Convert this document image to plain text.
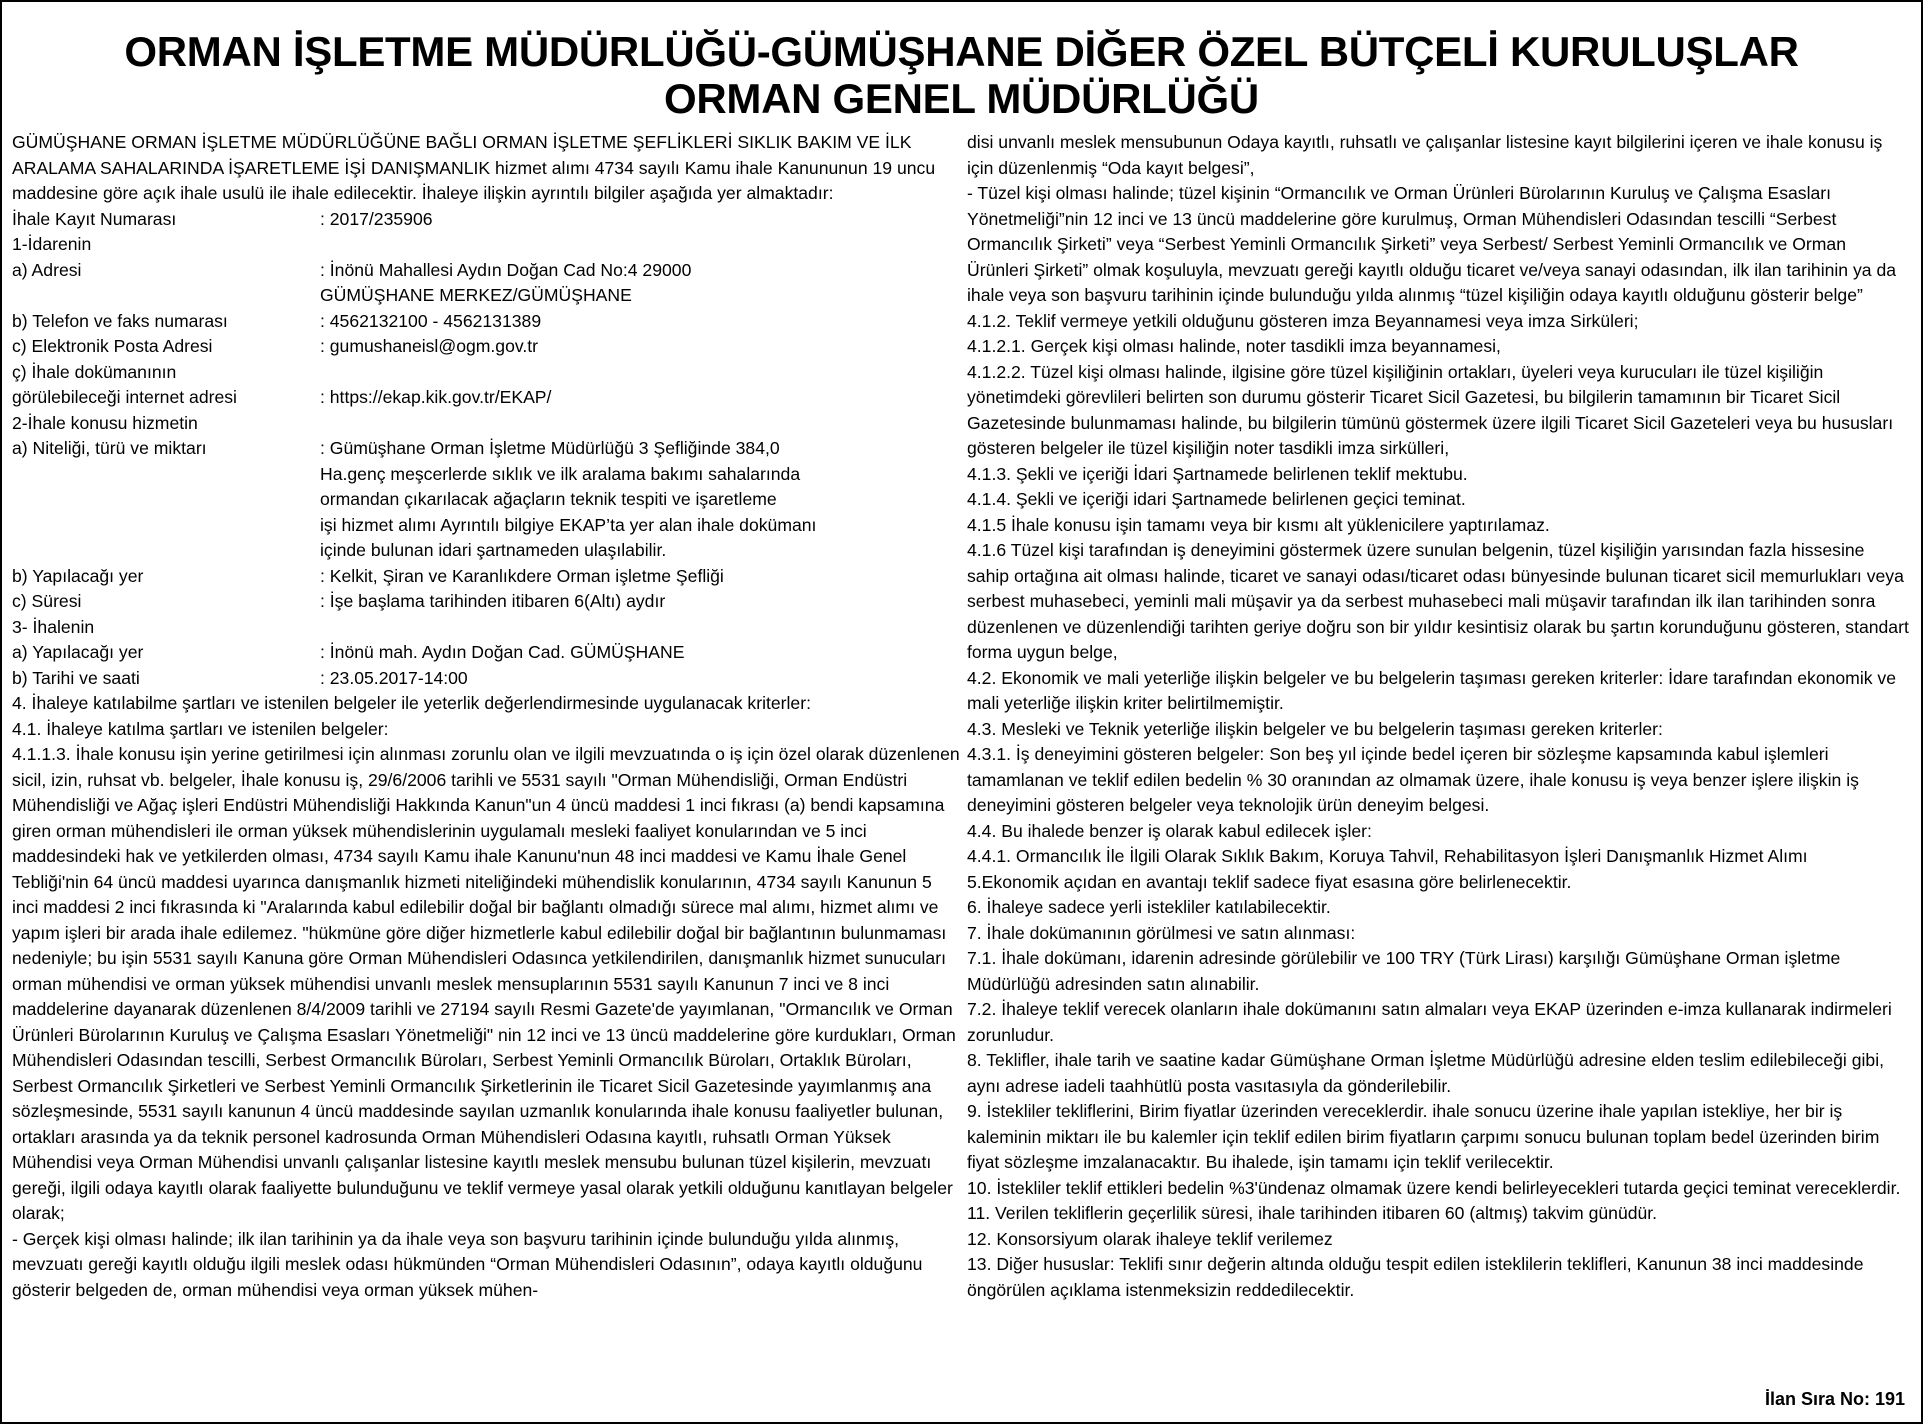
ORMAN İŞLETME MÜDÜRLÜĞÜ-GÜMÜŞHANE DİĞER ÖZEL BÜTÇELİ KURULUŞLAR
ORMAN GENEL MÜDÜRLÜĞÜ

GÜMÜŞHANE ORMAN İŞLETME MÜDÜRLÜĞÜNE BAĞLI ORMAN İŞLETME ŞEFLİKLERİ SIKLIK BAKIM VE İLK ARALAMA SAHALARINDA İŞARETLEME İŞİ DANIŞMANLIK hizmet alımı 4734 sayılı Kamu ihale Kanununun 19 uncu maddesine göre açık ihale usulü ile ihale edilecektir. İhaleye ilişkin ayrıntılı bilgiler aşağıda yer almaktadır:

İhale Kayıt Numarası	: 2017/235906
1-İdarenin
a) Adresi	: İnönü Mahallesi Aydın Doğan Cad No:4 29000
GÜMÜŞHANE MERKEZ/GÜMÜŞHANE
b) Telefon ve faks numarası	: 4562132100 - 4562131389
c) Elektronik Posta Adresi	: gumushaneisl@ogm.gov.tr
ç) İhale dokümanının
görülebileceği internet adresi	: https://ekap.kik.gov.tr/EKAP/
2-İhale konusu hizmetin
a) Niteliği, türü ve miktarı	: Gümüşhane Orman İşletme Müdürlüğü 3 Şefliğinde 384,0
Ha.genç meşcerlerde sıklık ve ilk aralama bakımı sahalarında
ormandan çıkarılacak ağaçların teknik tespiti ve işaretleme
işi hizmet alımı Ayrıntılı bilgiye EKAP’ta yer alan ihale dokümanı
içinde bulunan idari şartnameden ulaşılabilir.
b) Yapılacağı yer	: Kelkit, Şiran ve Karanlıkdere Orman işletme Şefliği
c) Süresi	: İşe başlama tarihinden itibaren 6(Altı) aydır
3- İhalenin
a) Yapılacağı yer	: İnönü mah. Aydın Doğan Cad. GÜMÜŞHANE
b) Tarihi ve saati	: 23.05.2017-14:00

4. İhaleye katılabilme şartları ve istenilen belgeler ile yeterlik değerlendirmesinde uygulanacak kriterler:

4.1. İhaleye katılma şartları ve istenilen belgeler:

4.1.1.3. İhale konusu işin yerine getirilmesi için alınması zorunlu olan ve ilgili mevzuatında o iş için özel olarak düzenlenen sicil, izin, ruhsat vb. belgeler, İhale konusu iş, 29/6/2006 tarihli ve 5531 sayılı "Orman Mühendisliği, Orman Endüstri Mühendisliği ve Ağaç işleri Endüstri Mühendisliği Hakkında Kanun"un 4 üncü maddesi 1 inci fıkrası (a) bendi kapsamına giren orman mühendisleri ile orman yüksek mühendislerinin uygulamalı mesleki faaliyet konularından ve 5 inci maddesindeki hak ve yetkilerden olması, 4734 sayılı Kamu ihale Kanunu'nun 48 inci maddesi ve Kamu İhale Genel Tebliği'nin 64 üncü maddesi uyarınca danışmanlık hizmeti niteliğindeki mühendislik konularının, 4734 sayılı Kanunun 5 inci maddesi 2 inci fıkrasında ki "Aralarında kabul edilebilir doğal bir bağlantı olmadığı sürece mal alımı, hizmet alımı ve yapım işleri bir arada ihale edilemez. "hükmüne göre diğer hizmetlerle kabul edilebilir doğal bir bağlantının bulunmaması nedeniyle; bu işin 5531 sayılı Kanuna göre Orman Mühendisleri Odasınca yetkilendirilen, danışmanlık hizmet sunucuları orman mühendisi ve orman yüksek mühendisi unvanlı meslek mensuplarının 5531 sayılı Kanunun 7 inci ve 8 inci maddelerine dayanarak düzenlenen 8/4/2009 tarihli ve 27194 sayılı Resmi Gazete'de yayımlanan, "Ormancılık ve Orman Ürünleri Bürolarının Kuruluş ve Çalışma Esasları Yönetmeliği" nin 12 inci ve 13 üncü maddelerine göre kurdukları, Orman Mühendisleri Odasından tescilli, Serbest Ormancılık Büroları, Serbest Yeminli Ormancılık Büroları, Ortaklık Büroları, Serbest Ormancılık Şirketleri ve Serbest Yeminli Ormancılık Şirketlerinin ile Ticaret Sicil Gazetesinde yayımlanmış ana sözleşmesinde, 5531 sayılı kanunun 4 üncü maddesinde sayılan uzmanlık konularında ihale konusu faaliyetler bulunan, ortakları arasında ya da teknik personel kadrosunda Orman Mühendisleri Odasına kayıtlı, ruhsatlı Orman Yüksek Mühendisi veya Orman Mühendisi unvanlı çalışanlar listesine kayıtlı meslek mensubu bulunan tüzel kişilerin, mevzuatı gereği, ilgili odaya kayıtlı olarak faaliyette bulunduğunu ve teklif vermeye yasal olarak yetkili olduğunu kanıtlayan belgeler olarak;

- Gerçek kişi olması halinde; ilk ilan tarihinin ya da ihale veya son başvuru tarihinin içinde bulunduğu yılda alınmış, mevzuatı gereği kayıtlı olduğu ilgili meslek odası hükmünden “Orman Mühendisleri Odasının”, odaya kayıtlı olduğunu gösterir belgeden de, orman mühendisi veya orman yüksek mühen-

disi unvanlı meslek mensubunun Odaya kayıtlı, ruhsatlı ve çalışanlar listesine kayıt bilgilerini içeren ve ihale konusu iş için düzenlenmiş “Oda kayıt belgesi”,

- Tüzel kişi olması halinde; tüzel kişinin “Ormancılık ve Orman Ürünleri Bürolarının Kuruluş ve Çalışma Esasları Yönetmeliği”nin 12 inci ve 13 üncü maddelerine göre kurulmuş, Orman Mühendisleri Odasından tescilli “Serbest Ormancılık Şirketi” veya “Serbest Yeminli Ormancılık Şirketi” veya Serbest/ Serbest Yeminli Ormancılık ve Orman Ürünleri Şirketi” olmak koşuluyla, mevzuatı gereği kayıtlı olduğu ticaret ve/veya sanayi odasından, ilk ilan tarihinin ya da ihale veya son başvuru tarihinin içinde bulunduğu yılda alınmış “tüzel kişiliğin odaya kayıtlı olduğunu gösterir belge”

4.1.2. Teklif vermeye yetkili olduğunu gösteren imza Beyannamesi veya imza Sirküleri;

4.1.2.1. Gerçek kişi olması halinde, noter tasdikli imza beyannamesi,

4.1.2.2. Tüzel kişi olması halinde, ilgisine göre tüzel kişiliğinin ortakları, üyeleri veya kurucuları ile tüzel kişiliğin yönetimdeki görevlileri belirten son durumu gösterir Ticaret Sicil Gazetesi, bu bilgilerin tamamının bir Ticaret Sicil Gazetesinde bulunmaması halinde, bu bilgilerin tümünü göstermek üzere ilgili Ticaret Sicil Gazeteleri veya bu hususları gösteren belgeler ile tüzel kişiliğin noter tasdikli imza sirkülleri,

4.1.3. Şekli ve içeriği İdari Şartnamede belirlenen teklif mektubu.

4.1.4. Şekli ve içeriği idari Şartnamede belirlenen geçici teminat.

4.1.5 İhale konusu işin tamamı veya bir kısmı alt yüklenicilere yaptırılamaz.

4.1.6 Tüzel kişi tarafından iş deneyimini göstermek üzere sunulan belgenin, tüzel kişiliğin yarısından fazla hissesine sahip ortağına ait olması halinde, ticaret ve sanayi odası/ticaret odası bünyesinde bulunan ticaret sicil memurlukları veya serbest muhasebeci, yeminli mali müşavir ya da serbest muhasebeci mali müşavir tarafından ilk ilan tarihinden sonra düzenlenen ve düzenlendiği tarihten geriye doğru son bir yıldır kesintisiz olarak bu şartın korunduğunu gösteren, standart forma uygun belge,

4.2. Ekonomik ve mali yeterliğe ilişkin belgeler ve bu belgelerin taşıması gereken kriterler: İdare tarafından ekonomik ve mali yeterliğe ilişkin kriter belirtilmemiştir.

4.3. Mesleki ve Teknik yeterliğe ilişkin belgeler ve bu belgelerin taşıması gereken kriterler:

4.3.1. İş deneyimini gösteren belgeler: Son beş yıl içinde bedel içeren bir sözleşme kapsamında kabul işlemleri tamamlanan ve teklif edilen bedelin % 30 oranından az olmamak üzere, ihale konusu iş veya benzer işlere ilişkin iş deneyimini gösteren belgeler veya teknolojik ürün deneyim belgesi.

4.4. Bu ihalede benzer iş olarak kabul edilecek işler:

4.4.1. Ormancılık İle İlgili Olarak Sıklık Bakım, Koruya Tahvil, Rehabilitasyon İşleri Danışmanlık Hizmet Alımı

5.Ekonomik açıdan en avantajı teklif sadece fiyat esasına göre belirlenecektir.

6. İhaleye sadece yerli istekliler katılabilecektir.

7. İhale dokümanının görülmesi ve satın alınması:

7.1. İhale dokümanı, idarenin adresinde görülebilir ve 100 TRY (Türk Lirası) karşılığı Gümüşhane Orman işletme Müdürlüğü adresinden satın alınabilir.

7.2. İhaleye teklif verecek olanların ihale dokümanını satın almaları veya EKAP üzerinden e-imza kullanarak indirmeleri zorunludur.

8. Teklifler, ihale tarih ve saatine kadar Gümüşhane Orman İşletme Müdürlüğü adresine elden teslim edilebileceği gibi, aynı adrese iadeli taahhütlü posta vasıtasıyla da gönderilebilir.

9. İstekliler tekliflerini, Birim fiyatlar üzerinden vereceklerdir. ihale sonucu üzerine ihale yapılan istekliye, her bir iş kaleminin miktarı ile bu kalemler için teklif edilen birim fiyatların çarpımı sonucu bulunan toplam bedel üzerinden birim fiyat sözleşme imzalanacaktır. Bu ihalede, işin tamamı için teklif verilecektir.

10. İstekliler teklif ettikleri bedelin %3'ündenaz olmamak üzere kendi belirleyecekleri tutarda geçici teminat vereceklerdir.

11. Verilen tekliflerin geçerlilik süresi, ihale tarihinden itibaren 60 (altmış) takvim günüdür.

12. Konsorsiyum olarak ihaleye teklif verilemez

13. Diğer hususlar: Teklifi sınır değerin altında olduğu tespit edilen isteklilerin teklifleri, Kanunun 38 inci maddesinde öngörülen açıklama istenmeksizin reddedilecektir.

İlan Sıra No: 191
